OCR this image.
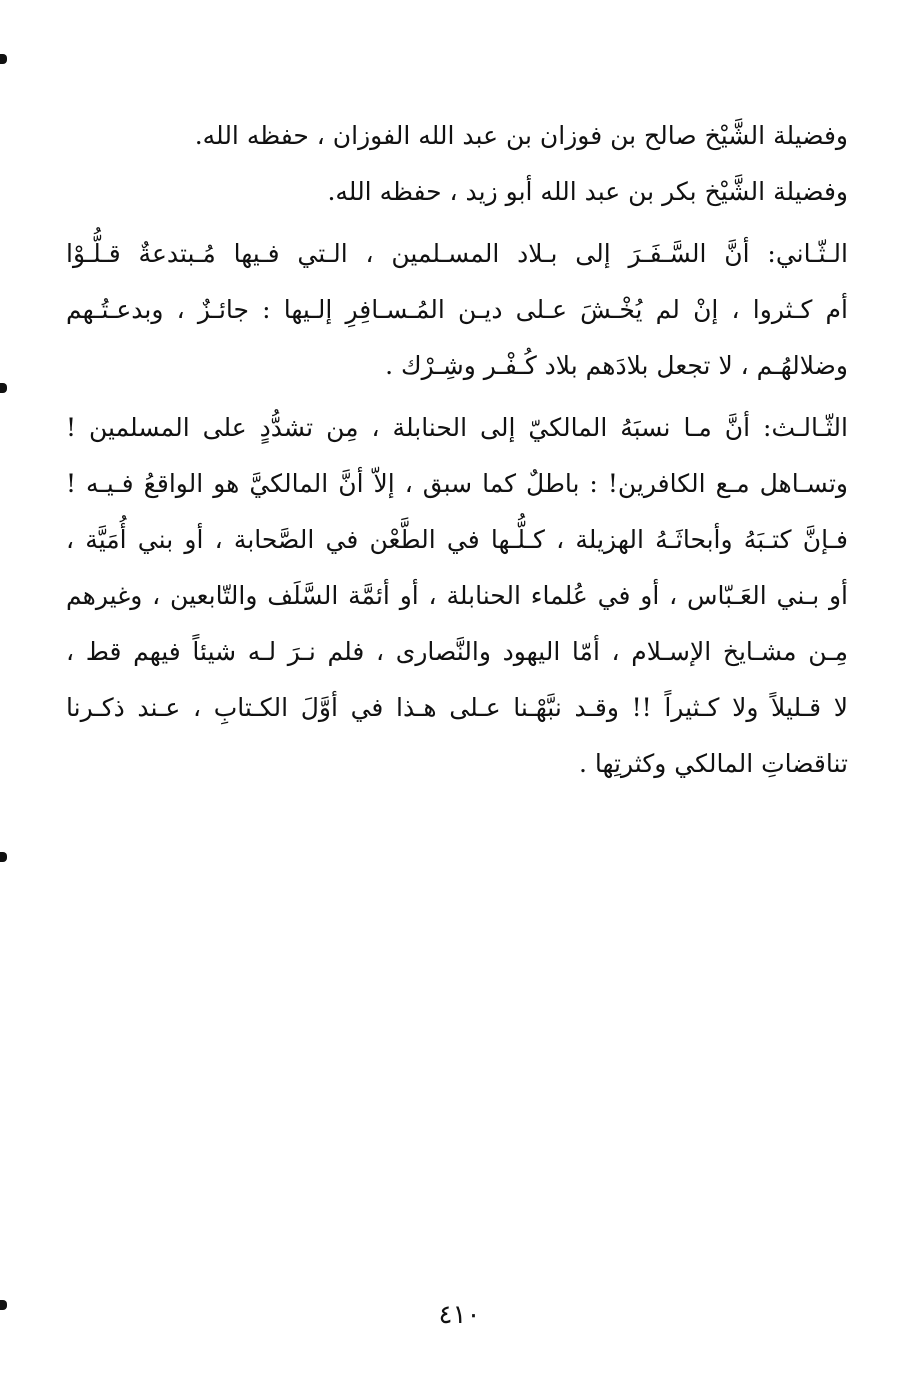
وفضيلة الشَّيْخ صالح بن فوزان بن عبد الله الفوزان ، حفظه الله.
وفضيلة الشَّيْخ بكر بن عبد الله أبو زيد ، حفظه الله.
الـثّـاني: أنَّ السَّـفَـرَ إلى بـلاد المسـلمين ، الـتي فـيها مُـبتدعةٌ قـلُّـوْا
أم كـثروا ، إنْ لم يُخْـشَ عـلى ديـن المُـسـافِرِ إلـيها : جائـزٌ ، وبدعـتُـهم
وضلالهُـم ، لا تجعل بلادَهم بلاد كُـفْـر وشِـرْك .
الثّـالـث: أنَّ مـا نسبَهُ المالكيّ إلى الحنابلة ، مِن تشدُّدٍ على المسلمين !
وتسـاهل مـع الكافرين! : باطلٌ كما سبق ، إلاّ أنَّ المالكيَّ هو الواقعُ فـيـه !
فـإنَّ كتـبَهُ وأبحاثَـهُ الهزيلة ، كـلُّـها في الطَّعْن في الصَّحابة ، أو بني أُمَيَّة ،
أو بـني العَـبّاس ، أو في عُلماء الحنابلة ، أو أئمَّة السَّلَف والتّابعين ، وغيرهم
مِـن مشـايخ الإسـلام ، أمّا اليهود والنَّصارى ، فلم نـرَ لـه شيئاً فيهم قط ،
لا قـليلاً ولا كـثيراً !! وقـد نبَّهْـنا عـلى هـذا في أوَّلَ الكـتابِ ، عـند ذكـرنا
تناقضاتِ المالكي وكثرتِها .
٤١٠
